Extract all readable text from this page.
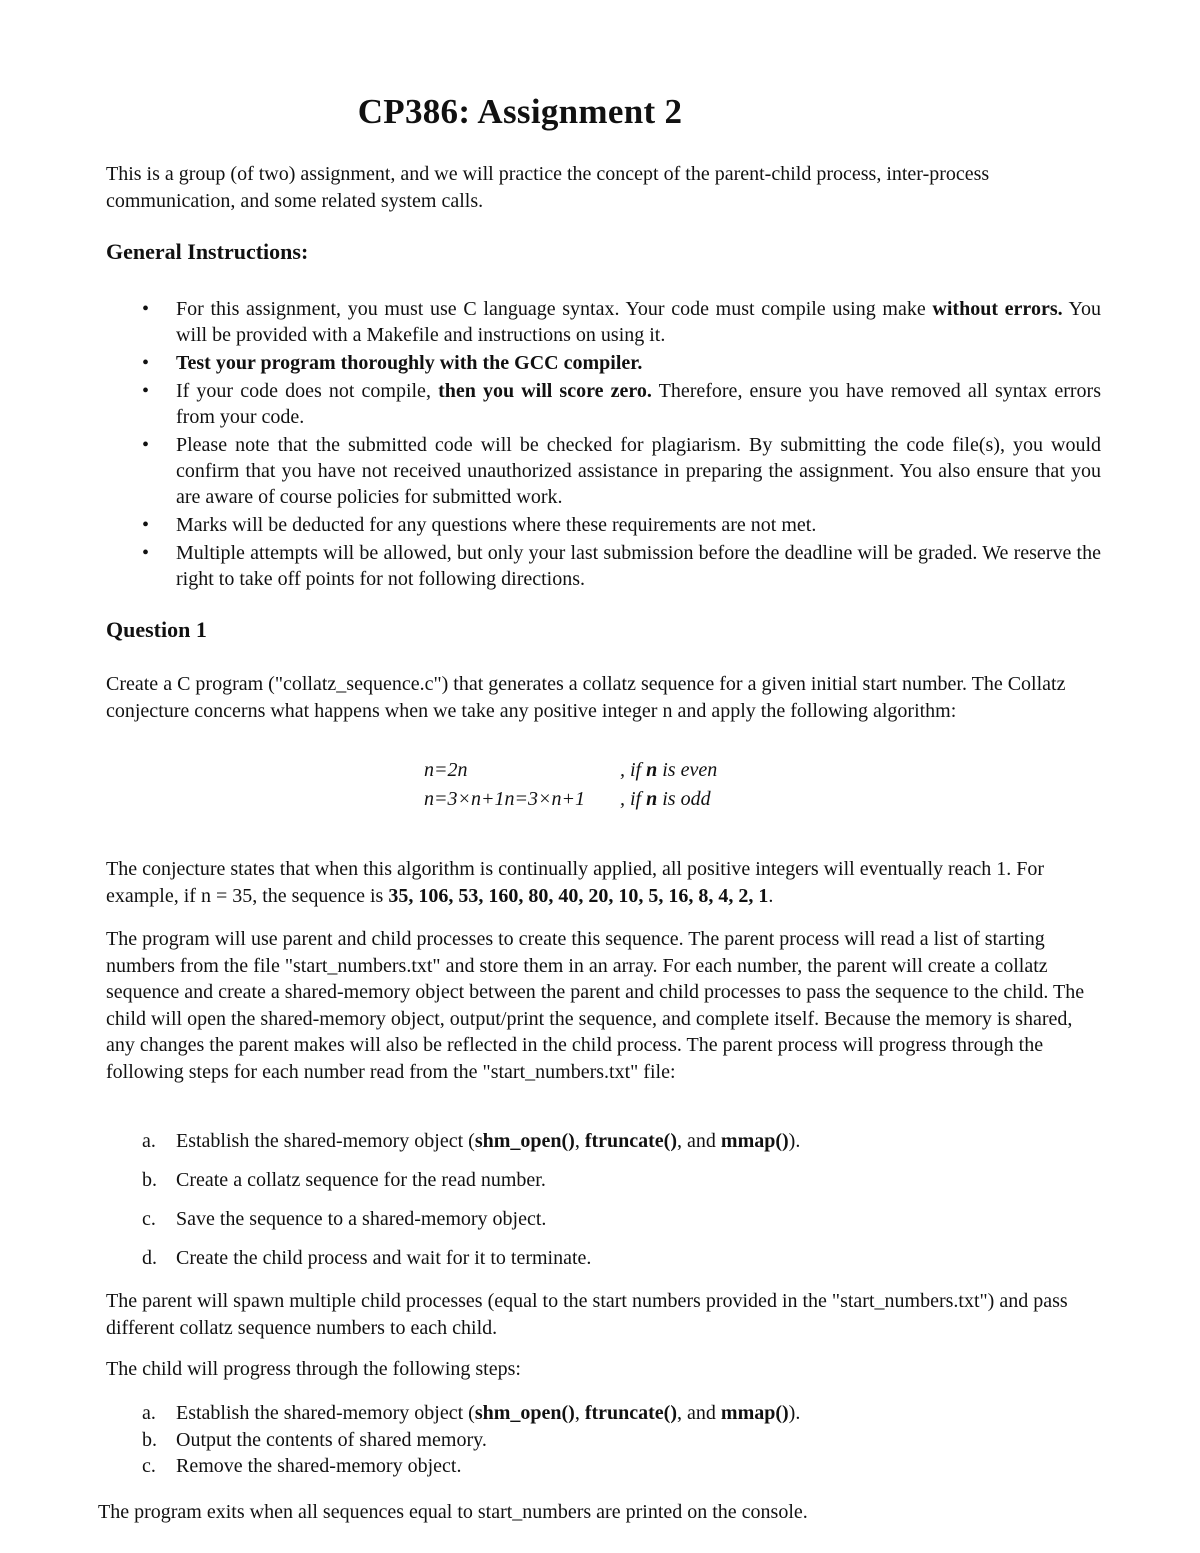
CP386: Assignment 2

This is a group (of two) assignment, and we will practice the concept of the parent-child process, inter-process communication, and some related system calls.

General Instructions:
• For this assignment, you must use C language syntax. Your code must compile using make without errors. You will be provided with a Makefile and instructions on using it.
• Test your program thoroughly with the GCC compiler.
• If your code does not compile, then you will score zero. Therefore, ensure you have removed all syntax errors from your code.
• Please note that the submitted code will be checked for plagiarism. By submitting the code file(s), you would confirm that you have not received unauthorized assistance in preparing the assignment. You also ensure that you are aware of course policies for submitted work.
• Marks will be deducted for any questions where these requirements are not met.
• Multiple attempts will be allowed, but only your last submission before the deadline will be graded. We reserve the right to take off points for not following directions.
Question 1

Create a C program ("collatz_sequence.c") that generates a collatz sequence for a given initial start number. The Collatz conjecture concerns what happens when we take any positive integer n and apply the following algorithm:

n=2n	, if n is even
n=3×n+1n=3×n+1	, if n is odd

The conjecture states that when this algorithm is continually applied, all positive integers will eventually reach 1. For example, if n = 35, the sequence is 35, 106, 53, 160, 80, 40, 20, 10, 5, 16, 8, 4, 2, 1.

The program will use parent and child processes to create this sequence. The parent process will read a list of starting numbers from the file "start_numbers.txt" and store them in an array. For each number, the parent will create a collatz sequence and create a shared-memory object between the parent and child processes to pass the sequence to the child. The child will open the shared-memory object, output/print the sequence, and complete itself. Because the memory is shared, any changes the parent makes will also be reflected in the child process. The parent process will progress through the following steps for each number read from the "start_numbers.txt" file:

a. Establish the shared-memory object (shm_open(), ftruncate(), and mmap()).
b. Create a collatz sequence for the read number.
c. Save the sequence to a shared-memory object.
d. Create the child process and wait for it to terminate.

The parent will spawn multiple child processes (equal to the start numbers provided in the "start_numbers.txt") and pass different collatz sequence numbers to each child.

The child will progress through the following steps:

a. Establish the shared-memory object (shm_open(), ftruncate(), and mmap()).
b. Output the contents of shared memory.
c. Remove the shared-memory object.

The program exits when all sequences equal to start_numbers are printed on the console.
